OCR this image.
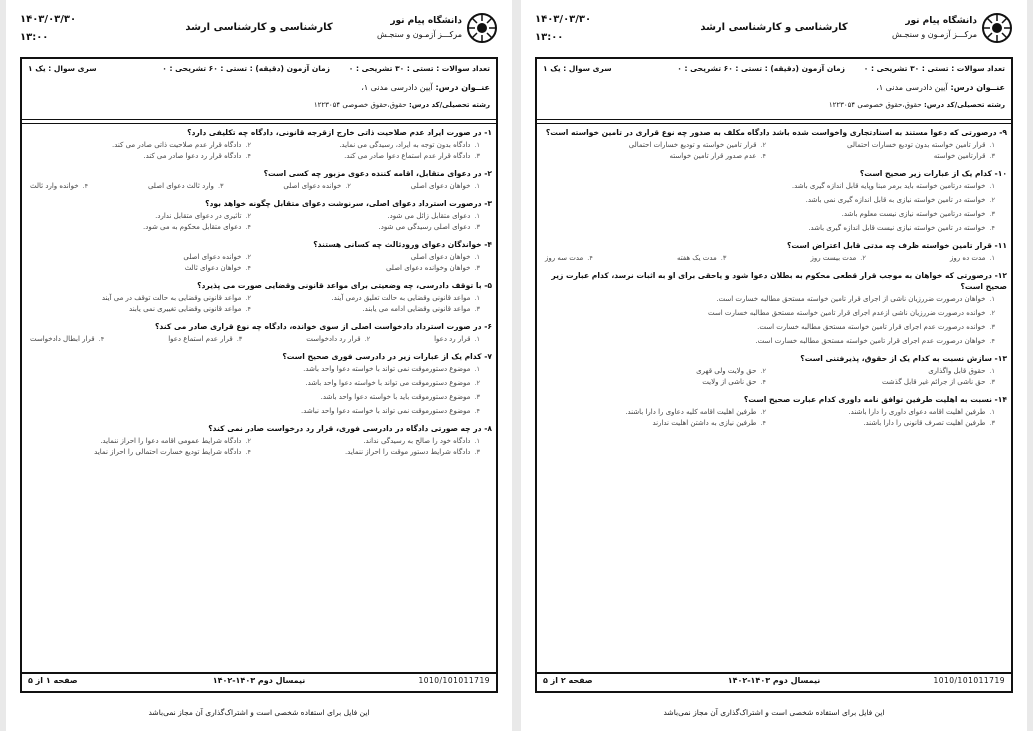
دانشگاه پیام نور
مرکـــز آزمـون و سنجـش
کارشناسی و کارشناسی ارشد
۱۴۰۳/۰۳/۳۰
۱۳:۰۰
تعداد سوالات : تستی : ۳۰ تشریحی : ۰
زمان آزمون (دقیقه) : تستی : ۶۰ تشریحی : ۰
سری سوال : یک ۱
عنــوان درس: آیین دادرسی مدنی ۱،
رشته تحصیلی/کد درس: حقوق،حقوق خصوصی ۱۲۲۳۰۵۴
۱- در صورت ایراد عدم صلاحیت ذاتی خارج ازقرجه قانونی، دادگاه چه تکلیفی دارد؟
۱.دادگاه بدون توجه به ایراد، رسیدگی می نماید.
۲.دادگاه قرار عدم صلاحیت ذاتی صادر می کند.
۳.دادگاه قرار عدم استماع دعوا صادر می کند.
۴.دادگاه قرار رد دعوا صادر می کند.
۲- در دعوای متقابل، اقامه کننده دعوی مزبور چه کسی است؟
۱.خواهان دعوای اصلی
۲.خوانده دعوای اصلی
۳.وارد ثالث دعوای اصلی
۴.خوانده وارد ثالث
۳- درصورت استرداد دعوای اصلی، سرنوشت دعوای متقابل چگونه خواهد بود؟
۱.دعوای متقابل زائل می شود.
۲.تاثیری در دعوای متقابل ندارد.
۳.دعوای اصلی رسیدگی می شود.
۴.دعوای متقابل محکوم به می شود.
۴- خواندگان دعوای ورودثالث چه کسانی هستند؟
۱.خواهان دعوای اصلی
۲.خوانده دعوای اصلی
۳.خواهان وخوانده دعوای اصلی
۴.خواهان دعوای ثالث
۵- با توقف دادرسی، چه وضعیتی برای مواعد قانونی وقضایی صورت می پذیرد؟
۱.مواعد قانونی وقضایی به حالت تعلیق درمی آیند.
۲.مواعد قانونی وقضایی به حالت توقف در می آیند
۳.مواعد قانونی وقضایی ادامه می یابند.
۴.مواعد قانونی وقضایی تغییری نمی یابند
۶- در صورت استرداد دادخواست اصلی از سوی خوانده، دادگاه چه نوع قراری صادر می کند؟
۱.قرار رد دعوا
۲.قرار رد دادخواست
۳.قرار عدم استماع دعوا
۴.قرار ابطال دادخواست
۷- کدام یک از عبارات زیر در دادرسی فوری صحیح است؟
۱.موضوع دستورموقت نمی تواند با خواسته دعوا واحد باشد.
۲.موضوع دستورموقت می تواند با خواسته دعوا واحد باشد.
۳.موضوع دستورموقت باید با خواسته دعوا واحد باشد.
۴.موضوع دستورموقت نمی تواند با خواسته دعوا واحد نباشد.
۸- در چه صورتی دادگاه در دادرسی فوری، قرار رد درخواست صادر نمی کند؟
۱.دادگاه خود را صالح به رسیدگی نداند.
۲.دادگاه شرایط عمومی اقامه دعوا را احراز ننماید.
۳.دادگاه شرایط دستور موقت را احراز ننماید.
۴.دادگاه شرایط تودیع خسارت احتمالی را احراز نماید
1010/101011719
نیمسال دوم ۱۴۰۳-۱۴۰۲
صفحه ۱ از ۵
این فایل برای استفاده شخصی است و اشتراک‌گذاری آن مجاز نمی‌باشد
دانشگاه پیام نور
مرکـــز آزمـون و سنجـش
کارشناسی و کارشناسی ارشد
۱۴۰۳/۰۳/۳۰
۱۳:۰۰
تعداد سوالات : تستی : ۳۰ تشریحی : ۰
زمان آزمون (دقیقه) : تستی : ۶۰ تشریحی : ۰
سری سوال : یک ۱
عنــوان درس: آیین دادرسی مدنی ۱،
رشته تحصیلی/کد درس: حقوق،حقوق خصوصی ۱۲۲۳۰۵۴
۹- درصورتی که دعوا مستند به اسنادتجاری واخواست شده باشد دادگاه مکلف به صدور چه نوع قراری در تامین خواسته است؟
۱.قرار تامین خواسته بدون تودیع خسارات احتمالی
۲.قرار تامین خواسته و تودیع خسارات احتمالی
۳.قرارتامین خواسته
۴.عدم صدور قرار تامین خواسته
۱۰- کدام یک از عبارات زیر صحیح است؟
۱.خواسته درتامین خواسته باید برمر مبنا وپایه قابل اندازه گیری باشد.
۲.خواسته در تامین خواسته نیازی به قابل اندازه گیری نمی باشد.
۳.خواسته درتامین خواسته نیازی نیست معلوم باشد.
۴.خواسته در تامین خواسته نیازی نیست قابل اندازه گیری باشد.
۱۱- قرار تامین خواسته ظرف چه مدتی قابل اعتراض است؟
۱.مدت ده روز
۲.مدت بیست روز
۳.مدت یک هفته
۴.مدت سه روز
۱۲- درصورتی که خواهان به موجب قرار قطعی محکوم به بطلان دعوا شود و یاحقی برای او به اثبات نرسد، کدام عبارت زیر صحیح است؟
۱.خواهان درصورت ضررزیان ناشی از اجرای قرار تامین خواسته مستحق مطالبه خسارت است.
۲.خوانده درصورت ضررزیان ناشی ازعدم اجرای قرار تامین خواسته مستحق مطالبه خسارت است
۳.خوانده درصورت عدم اجرای قرار تامین خواسته مستحق مطالبه خسارت است.
۴.خواهان درصورت عدم اجرای قرار تامین خواسته مستحق مطالبه خسارت است.
۱۳- سازش نسبت به کدام یک از حقوق، پذیرفتنی است؟
۱.حقوق قابل واگذاری
۲.حق ولایت ولی قهری
۳.حق ناشی از جرائم غیر قابل گذشت
۴.حق ناشی از ولایت
۱۴- نسبت به اهلیت طرفین توافق نامه داوری کدام عبارت صحیح است؟
۱.طرفین اهلیت اقامه دعوای داوری را دارا باشند.
۲.طرفین اهلیت اقامه کلیه دعاوی را دارا باشند.
۳.طرفین اهلیت تصرف قانونی را دارا باشند.
۴.طرفین نیازی به داشتن اهلیت ندارند
1010/101011719
نیمسال دوم ۱۴۰۳-۱۴۰۲
صفحه ۲ از ۵
این فایل برای استفاده شخصی است و اشتراک‌گذاری آن مجاز نمی‌باشد
